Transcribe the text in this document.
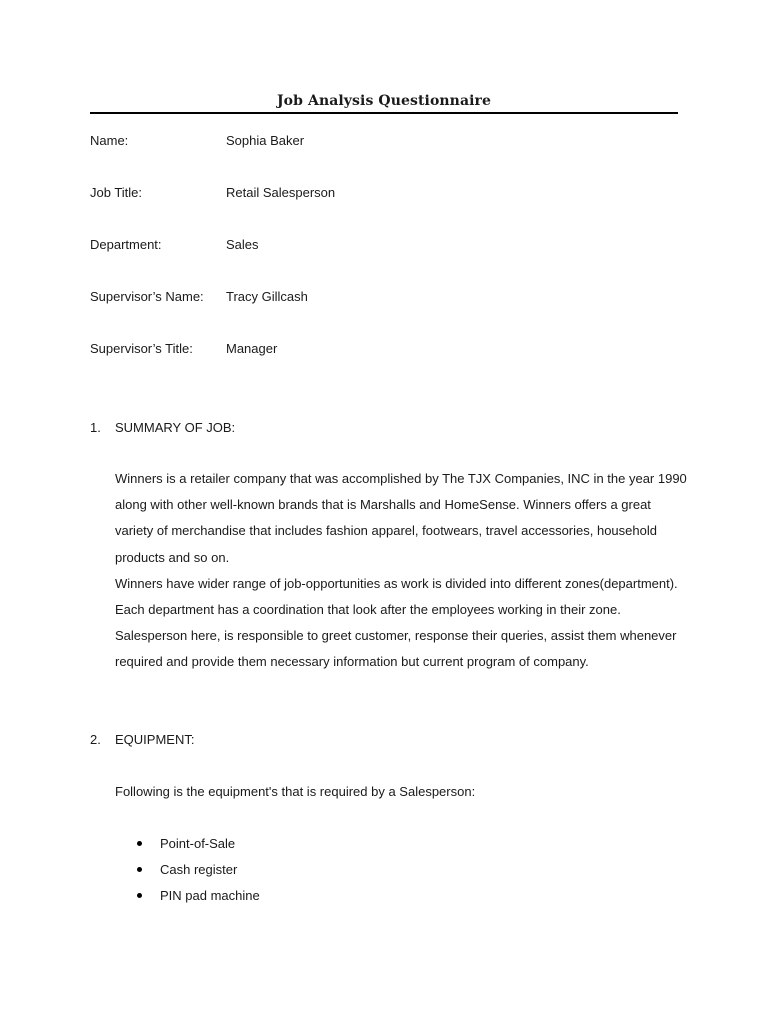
Job Analysis Questionnaire
Name:	Sophia Baker
Job Title:	Retail Salesperson
Department:	Sales
Supervisor’s Name: Tracy Gillcash
Supervisor’s Title:	Manager
1. SUMMARY OF JOB:
Winners is a retailer company that was accomplished by The TJX Companies, INC in the year 1990
along with other well-known brands that is Marshalls and HomeSense. Winners offers a great
variety of merchandise that includes fashion apparel, footwears, travel accessories, household
products and so on.
Winners have wider range of job-opportunities as work is divided into different zones(department).
Each department has a coordination that look after the employees working in their zone.
Salesperson here, is responsible to greet customer, response their queries, assist them whenever
required and provide them necessary information but current program of company.
2. EQUIPMENT:
Following is the equipment's that is required by a Salesperson:
Point-of-Sale
Cash register
PIN pad machine
